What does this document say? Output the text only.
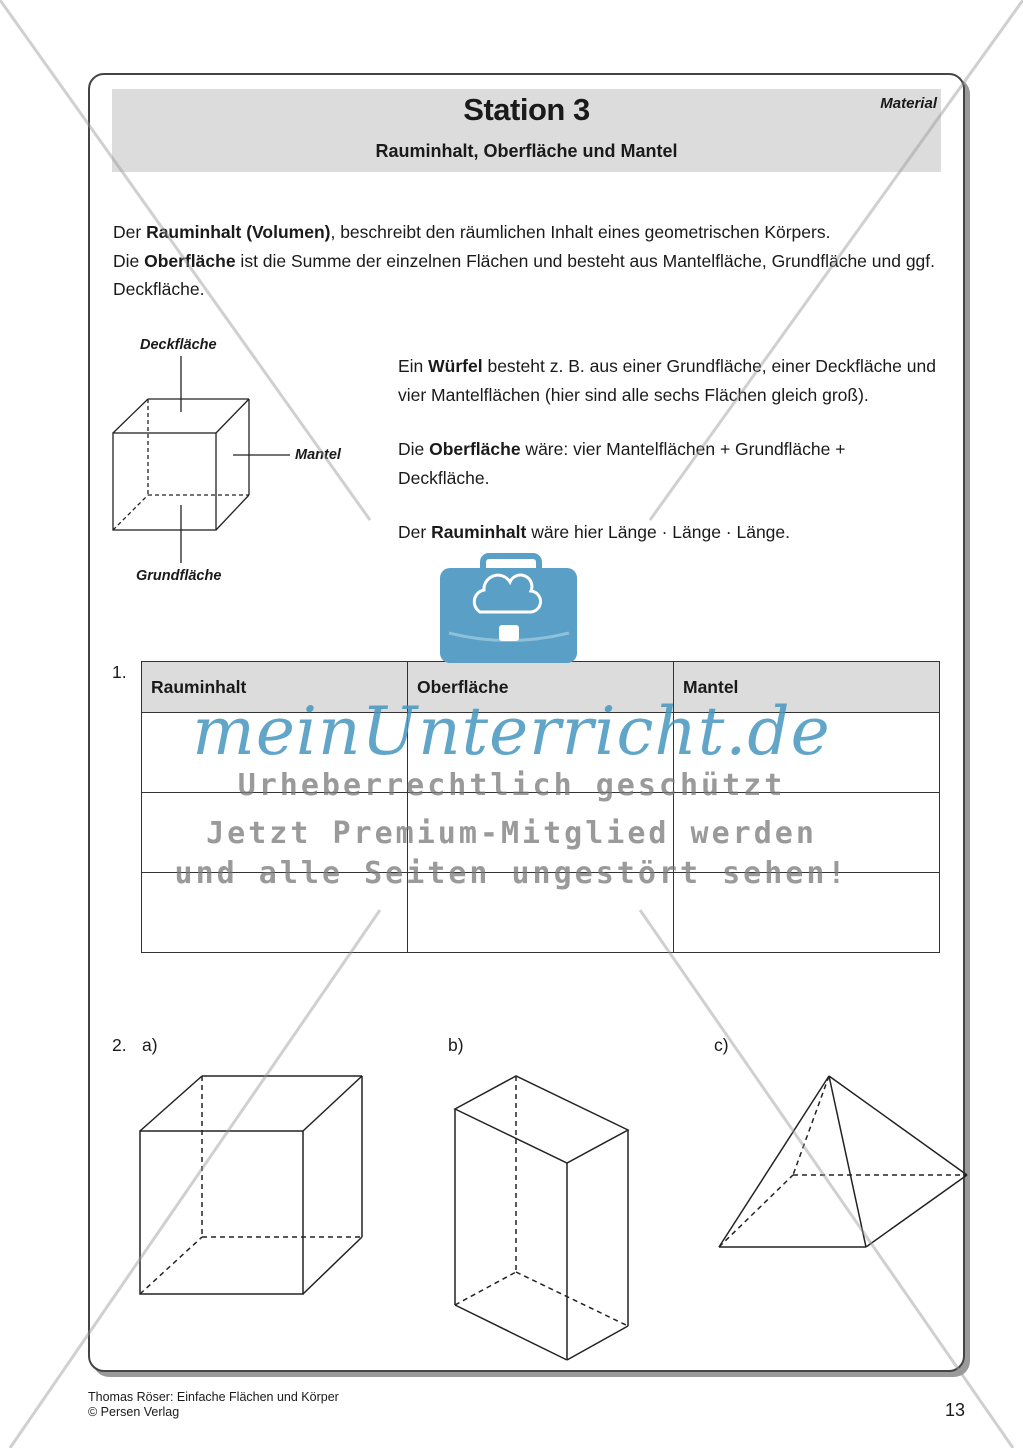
Station 3
Rauminhalt, Oberfläche und Mantel
Material

Der Rauminhalt (Volumen), beschreibt den räumlichen Inhalt eines geometrischen Körpers.

Die Oberfläche ist die Summe der einzelnen Flächen und besteht aus Mantelfläche, Grundfläche und ggf. Deckfläche.

Deckfläche
Mantel
Grundfläche

Ein Würfel besteht z. B. aus einer Grundfläche, einer Deckfläche und vier Mantelflächen (hier sind alle sechs Flächen gleich groß).

Die Oberfläche wäre: vier Mantelflächen + Grundfläche + Deckfläche.

Der Rauminhalt wäre hier Länge · Länge · Länge.

1.
Rauminhalt	Oberfläche	Mantel

2. a)	b)	c)
meinUnterricht.de
Urheberrechtlich geschützt
Jetzt Premium-Mitglied werden
und alle Seiten ungestört sehen!
Thomas Röser: Einfache Flächen und Körper
© Persen Verlag	13
